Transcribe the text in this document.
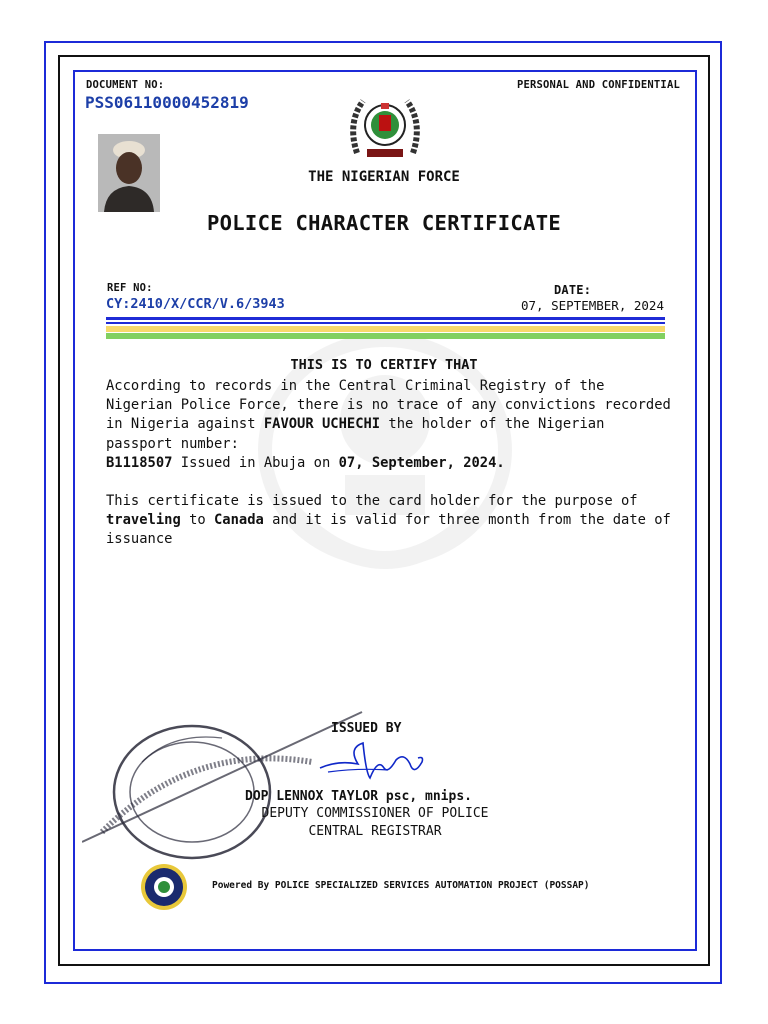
DOCUMENT NO:
PSS06110000452819
PERSONAL AND CONFIDENTIAL
THE NIGERIAN FORCE
POLICE CHARACTER CERTIFICATE
REF NO:
CY:2410/X/CCR/V.6/3943
DATE:
07, SEPTEMBER, 2024
THIS IS TO CERTIFY THAT
According to records in the Central Criminal Registry of the Nigerian Police Force, there is no trace of any convictions recorded in Nigeria against FAVOUR UCHECHI the holder of the Nigerian passport number:
B1118507 Issued in Abuja on 07, September, 2024.
This certificate is issued to the card holder for the purpose of traveling to Canada and it is valid for three month from the date of issuance
ISSUED BY
DOP LENNOX TAYLOR psc, mnips.
DEPUTY COMMISSIONER OF POLICE
CENTRAL REGISTRAR
Powered By POLICE SPECIALIZED SERVICES AUTOMATION PROJECT (POSSAP)
